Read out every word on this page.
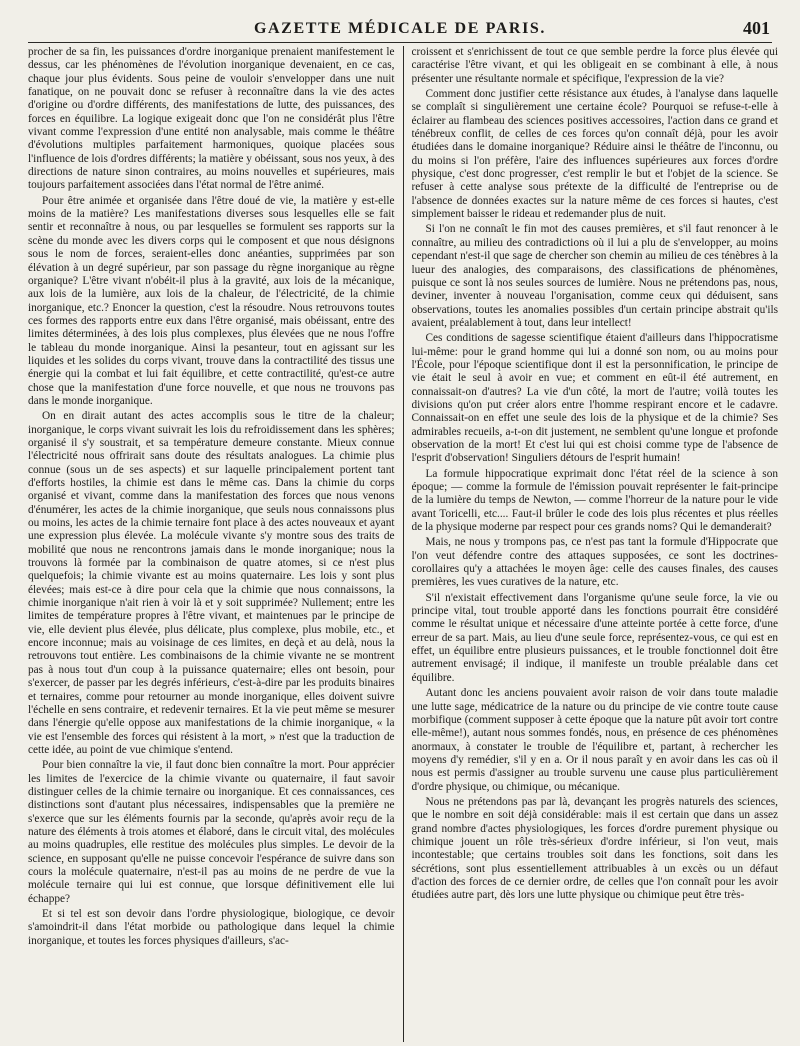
GAZETTE MÉDICALE DE PARIS.	401

procher de sa fin, les puissances d'ordre inorganique prenaient manifestement le dessus, car les phénomènes de l'évolution inorganique devenaient, en ce cas, chaque jour plus évidents. Sous peine de vouloir s'envelopper dans une nuit fanatique, on ne pouvait donc se refuser à reconnaître dans la vie des actes d'origine ou d'ordre différents, des manifestations de lutte, des puissances, des forces en équilibre. La logique exigeait donc que l'on ne considérât plus l'être vivant comme l'expression d'une entité non analysable, mais comme le théâtre d'évolutions multiples parfaitement harmoniques, quoique placées sous l'influence de lois d'ordres différents; la matière y obéissant, sous nos yeux, à des directions de nature sinon contraires, au moins nouvelles et supérieures, mais toujours parfaitement associées dans l'état normal de l'être animé.

Pour être animée et organisée dans l'être doué de vie, la matière y est-elle moins de la matière? Les manifestations diverses sous lesquelles elle se fait sentir et reconnaître à nous, ou par lesquelles se formulent ses rapports sur la scène du monde avec les divers corps qui le composent et que nous désignons sous le nom de forces, seraient-elles donc anéanties, supprimées par son élévation à un degré supérieur, par son passage du règne inorganique au règne organique? L'être vivant n'obéit-il plus à la gravité, aux lois de la mécanique, aux lois de la lumière, aux lois de la chaleur, de l'électricité, de la chimie inorganique, etc.? Enoncer la question, c'est la résoudre. Nous retrouvons toutes ces formes des rapports entre eux dans l'être organisé, mais obéissant, entre des limites déterminées, à des lois plus complexes, plus élevées que ne nous l'offre le tableau du monde inorganique. Ainsi la pesanteur, tout en agissant sur les liquides et les solides du corps vivant, trouve dans la contractilité des tissus une énergie qui la combat et lui fait équilibre, et cette contractilité, qu'est-ce autre chose que la manifestation d'une force nouvelle, et que nous ne trouvons pas dans le monde inorganique.

On en dirait autant des actes accomplis sous le titre de la chaleur; inorganique, le corps vivant suivrait les lois du refroidissement dans les sphères; organisé il s'y soustrait, et sa température demeure constante. Mieux connue l'électricité nous offrirait sans doute des résultats analogues. La chimie plus connue (sous un de ses aspects) et sur laquelle principalement portent tant d'efforts hostiles, la chimie est dans le même cas. Dans la chimie du corps organisé et vivant, comme dans la manifestation des forces que nous venons d'énumérer, les actes de la chimie inorganique, que seuls nous connaissons plus ou moins, les actes de la chimie ternaire font place à des actes nouveaux et ayant une expression plus élevée. La molécule vivante s'y montre sous des traits de mobilité que nous ne rencontrons jamais dans le monde inorganique; nous la trouvons là formée par la combinaison de quatre atomes, si ce n'est plus quelquefois; la chimie vivante est au moins quaternaire. Les lois y sont plus élevées; mais est-ce à dire pour cela que la chimie que nous connaissons, la chimie inorganique n'ait rien à voir là et y soit supprimée? Nullement; entre les limites de température propres à l'être vivant, et maintenues par le principe de vie, elle devient plus élevée, plus délicate, plus complexe, plus mobile, etc., et encore inconnue; mais au voisinage de ces limites, en deçà et au delà, nous la retrouvons tout entière. Les combinaisons de la chimie vivante ne se montrent pas à nous tout d'un coup à la puissance quaternaire; elles ont besoin, pour s'exercer, de passer par les degrés inférieurs, c'est-à-dire par les produits binaires et ternaires, comme pour retourner au monde inorganique, elles doivent suivre l'échelle en sens contraire, et redevenir ternaires. Et la vie peut même se mesurer dans l'énergie qu'elle oppose aux manifestations de la chimie inorganique, « la vie est l'ensemble des forces qui résistent à la mort, » n'est que la traduction de cette idée, au point de vue chimique s'entend.

Pour bien connaître la vie, il faut donc bien connaître la mort. Pour apprécier les limites de l'exercice de la chimie vivante ou quaternaire, il faut savoir distinguer celles de la chimie ternaire ou inorganique. Et ces connaissances, ces distinctions sont d'autant plus nécessaires, indispensables que la première ne s'exerce que sur les éléments fournis par la seconde, qu'après avoir reçu de la nature des éléments à trois atomes et élaboré, dans le circuit vital, des molécules au moins quadruples, elle restitue des molécules plus simples. Le devoir de la science, en supposant qu'elle ne puisse concevoir l'espérance de suivre dans son cours la molécule quaternaire, n'est-il pas au moins de ne perdre de vue la molécule ternaire qui lui est connue, que lorsque définitivement elle lui échappe?

Et si tel est son devoir dans l'ordre physiologique, biologique, ce devoir s'amoindrit-il dans l'état morbide ou pathologique dans lequel la chimie inorganique, et toutes les forces physiques d'ailleurs, s'ac-

croissent et s'enrichissent de tout ce que semble perdre la force plus élevée qui caractérise l'être vivant, et qui les obligeait en se combinant à elle, à nous présenter une résultante normale et spécifique, l'expression de la vie?

Comment donc justifier cette résistance aux études, à l'analyse dans laquelle se complaît si singulièrement une certaine école? Pourquoi se refuse-t-elle à éclairer au flambeau des sciences positives accessoires, l'action dans ce grand et ténébreux conflit, de celles de ces forces qu'on connaît déjà, pour les avoir étudiées dans le domaine inorganique? Réduire ainsi le théâtre de l'inconnu, ou du moins si l'on préfère, l'aire des influences supérieures aux forces d'ordre physique, c'est donc progresser, c'est remplir le but et l'objet de la science. Se refuser à cette analyse sous prétexte de la difficulté de l'entreprise ou de l'absence de données exactes sur la nature même de ces forces si hautes, c'est simplement baisser le rideau et redemander plus de nuit.

Si l'on ne connaît le fin mot des causes premières, et s'il faut renoncer à le connaître, au milieu des contradictions où il lui a plu de s'envelopper, au moins cependant n'est-il que sage de chercher son chemin au milieu de ces ténèbres à la lueur des analogies, des comparaisons, des classifications de phénomènes, puisque ce sont là nos seules sources de lumière. Nous ne prétendons pas, nous, deviner, inventer à nouveau l'organisation, comme ceux qui déduisent, sans observations, toutes les anomalies possibles d'un certain principe abstrait qu'ils avaient, préalablement à tout, dans leur intellect!

Ces conditions de sagesse scientifique étaient d'ailleurs dans l'hippocratisme lui-même: pour le grand homme qui lui a donné son nom, ou au moins pour l'École, pour l'époque scientifique dont il est la personnification, le principe de vie était le seul à avoir en vue; et comment en eût-il été autrement, en connaissait-on d'autres? La vie d'un côté, la mort de l'autre; voilà toutes les divisions qu'on put créer alors entre l'homme respirant encore et le cadavre. Connaissait-on en effet une seule des lois de la physique et de la chimie? Ses admirables recueils, a-t-on dit justement, ne semblent qu'une longue et profonde observation de la mort! Et c'est lui qui est choisi comme type de l'absence de l'esprit d'observation! Singuliers détours de l'esprit humain!

La formule hippocratique exprimait donc l'état réel de la science à son époque; — comme la formule de l'émission pouvait représenter le fait-principe de la lumière du temps de Newton, — comme l'horreur de la nature pour le vide avant Toricelli, etc.... Faut-il brûler le code des lois plus récentes et plus réelles de la physique moderne par respect pour ces grands noms? Qui le demanderait?

Mais, ne nous y trompons pas, ce n'est pas tant la formule d'Hippocrate que l'on veut défendre contre des attaques supposées, ce sont les doctrines-corollaires qu'y a attachées le moyen âge: celle des causes finales, des causes premières, les vues curatives de la nature, etc.

S'il n'existait effectivement dans l'organisme qu'une seule force, la vie ou principe vital, tout trouble apporté dans les fonctions pourrait être considéré comme le résultat unique et nécessaire d'une atteinte portée à cette force, d'une erreur de sa part. Mais, au lieu d'une seule force, représentez-vous, ce qui est en effet, un équilibre entre plusieurs puissances, et le trouble fonctionnel doit être autrement envisagé; il indique, il manifeste un trouble préalable dans cet équilibre.

Autant donc les anciens pouvaient avoir raison de voir dans toute maladie une lutte sage, médicatrice de la nature ou du principe de vie contre toute cause morbifique (comment supposer à cette époque que la nature pût avoir tort contre elle-même!), autant nous sommes fondés, nous, en présence de ces phénomènes anormaux, à constater le trouble de l'équilibre et, partant, à rechercher les moyens d'y remédier, s'il y en a. Or il nous paraît y en avoir dans les cas où il nous est permis d'assigner au trouble survenu une cause plus particulièrement d'ordre physique, ou chimique, ou mécanique.

Nous ne prétendons pas par là, devançant les progrès naturels des sciences, que le nombre en soit déjà considérable: mais il est certain que dans un assez grand nombre d'actes physiologiques, les forces d'ordre purement physique ou chimique jouent un rôle très-sérieux d'ordre inférieur, si l'on veut, mais incontestable; que certains troubles soit dans les fonctions, soit dans les sécrétions, sont plus essentiellement attribuables à un excès ou un défaut d'action des forces de ce dernier ordre, de celles que l'on connaît pour les avoir étudiées autre part, dès lors une lutte physique ou chimique peut être très-
